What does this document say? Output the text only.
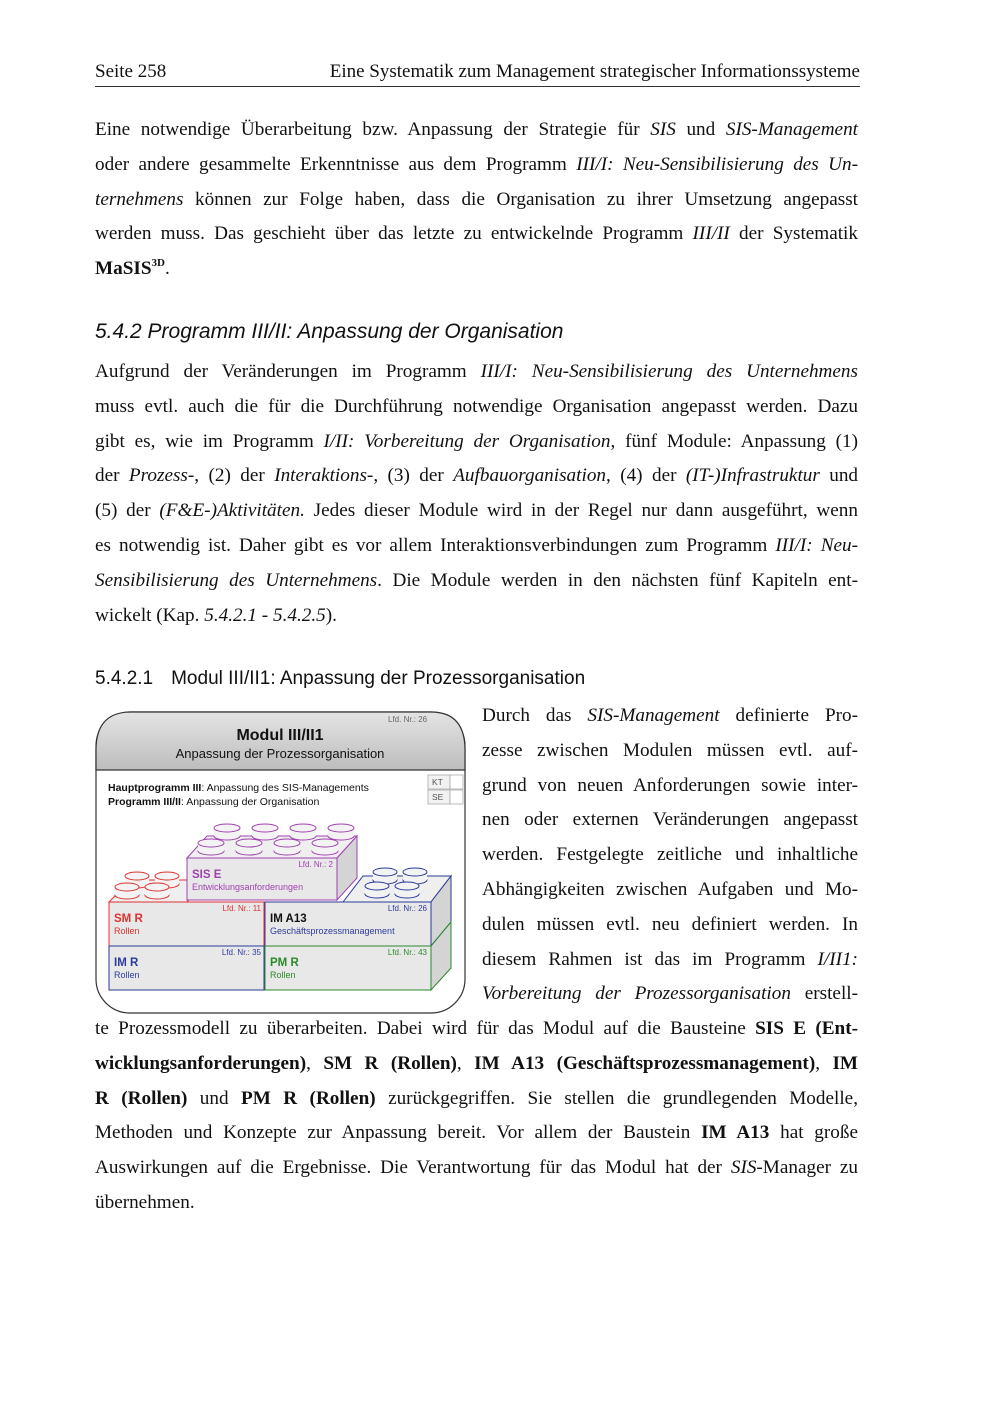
Seite 258	Eine Systematik zum Management strategischer Informationssysteme
Eine notwendige Überarbeitung bzw. Anpassung der Strategie für SIS und SIS-Management
oder andere gesammelte Erkenntnisse aus dem Programm III/I: Neu-Sensibilisierung des Un-
ternehmens können zur Folge haben, dass die Organisation zu ihrer Umsetzung angepasst
werden muss. Das geschieht über das letzte zu entwickelnde Programm III/II der Systematik
MaSIS$^{3D}$.
5.4.2 Programm III/II: Anpassung der Organisation
Aufgrund der Veränderungen im Programm III/I: Neu-Sensibilisierung des Unternehmens
muss evtl. auch die für die Durchführung notwendige Organisation angepasst werden. Dazu
gibt es, wie im Programm I/II: Vorbereitung der Organisation, fünf Module: Anpassung (1)
der Prozess-, (2) der Interaktions-, (3) der Aufbauorganisation, (4) der (IT-)Infrastruktur und
(5) der (F&E-)Aktivitäten. Jedes dieser Module wird in der Regel nur dann ausgeführt, wenn
es notwendig ist. Daher gibt es vor allem Interaktionsverbindungen zum Programm III/I: Neu-
Sensibilisierung des Unternehmens. Die Module werden in den nächsten fünf Kapiteln ent-
wickelt (Kap. 5.4.2.1 - 5.4.2.5).
5.4.2.1 Modul III/II1: Anpassung der Prozessorganisation
Lfd. Nr.: 26
Modul III/II1
Anpassung der Prozessorganisation
Hauptprogramm III: Anpassung des SIS-Managements
Programm III/II: Anpassung der Organisation
KT
SE
Lfd. Nr.: 2
SIS E
Entwicklungsanforderungen
Lfd. Nr.: 11
SM R
Rollen
Lfd. Nr.: 26
IM A13
Geschäftsprozessmanagement
Lfd. Nr.: 35
IM R
Rollen
Lfd. Nr.: 43
PM R
Rollen
Durch das SIS-Management definierte Pro-
zesse zwischen Modulen müssen evtl. auf-
grund von neuen Anforderungen sowie inter-
nen oder externen Veränderungen angepasst
werden. Festgelegte zeitliche und inhaltliche
Abhängigkeiten zwischen Aufgaben und Mo-
dulen müssen evtl. neu definiert werden. In
diesem Rahmen ist das im Programm I/II1:
Vorbereitung der Prozessorganisation erstell-
te Prozessmodell zu überarbeiten. Dabei wird für das Modul auf die Bausteine SIS E (Ent-
wicklungsanforderungen), SM R (Rollen), IM A13 (Geschäftsprozessmanagement), IM
R (Rollen) und PM R (Rollen) zurückgegriffen. Sie stellen die grundlegenden Modelle,
Methoden und Konzepte zur Anpassung bereit. Vor allem der Baustein IM A13 hat große
Auswirkungen auf die Ergebnisse. Die Verantwortung für das Modul hat der SIS-Manager zu
übernehmen.
